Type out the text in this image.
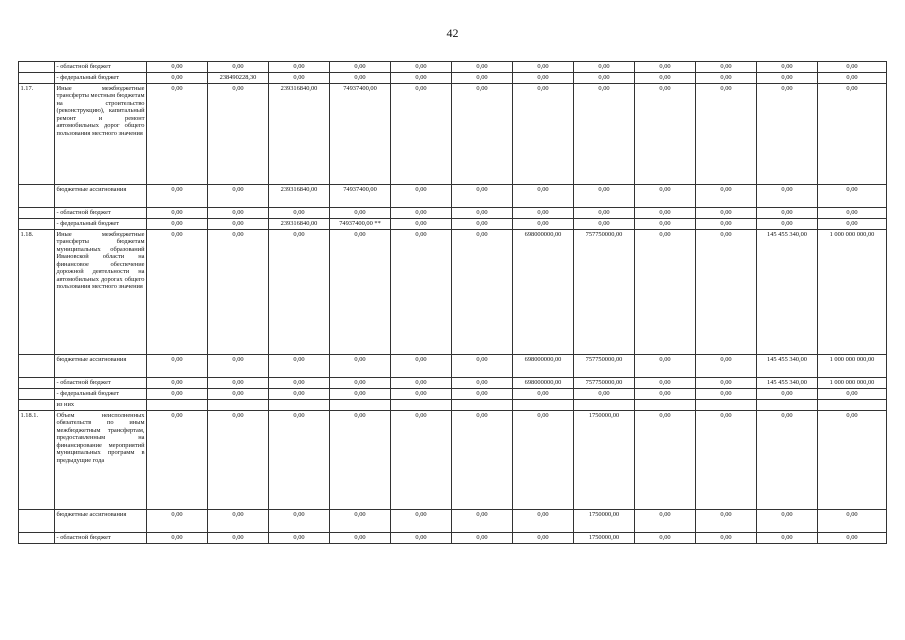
42
	- областной бюджет	0,00	0,00	0,00	0,00	0,00	0,00	0,00	0,00	0,00	0,00	0,00	0,00
	- федеральный бюджет	0,00	238490228,30	0,00	0,00	0,00	0,00	0,00	0,00	0,00	0,00	0,00	0,00
1.17.	Иные межбюджетные трансферты местным бюджетам на строительство (реконструкцию), капитальный ремонт и ремонт автомобильных дорог общего пользования местного значения	0,00	0,00	239316840,00	74937400,00	0,00	0,00	0,00	0,00	0,00	0,00	0,00	0,00
	бюджетные ассигнования	0,00	0,00	239316840,00	74937400,00	0,00	0,00	0,00	0,00	0,00	0,00	0,00	0,00
	- областной бюджет	0,00	0,00	0,00	0,00	0,00	0,00	0,00	0,00	0,00	0,00	0,00	0,00
	- федеральный бюджет	0,00	0,00	239316840,00	74937400,00 **	0,00	0,00	0,00	0,00	0,00	0,00	0,00	0,00
1.18.	Иные межбюджетные трансферты бюджетам муниципальных образований Ивановской области на финансовое обеспечение дорожной деятельности на автомобильных дорогах общего пользования местного значения	0,00	0,00	0,00	0,00	0,00	0,00	698000000,00	757750000,00	0,00	0,00	145 455 340,00	1 000 000 000,00
	бюджетные ассигнования	0,00	0,00	0,00	0,00	0,00	0,00	698000000,00	757750000,00	0,00	0,00	145 455 340,00	1 000 000 000,00
	- областной бюджет	0,00	0,00	0,00	0,00	0,00	0,00	698000000,00	757750000,00	0,00	0,00	145 455 340,00	1 000 000 000,00
	- федеральный бюджет	0,00	0,00	0,00	0,00	0,00	0,00	0,00	0,00	0,00	0,00	0,00	0,00
	из них												
1.18.1.	Объем неисполненных обязательств по иным межбюджетным трансфертам, предоставленным на финансирование мероприятий муниципальных программ в предыдущие года	0,00	0,00	0,00	0,00	0,00	0,00	0,00	1750000,00	0,00	0,00	0,00	0,00
	бюджетные ассигнования	0,00	0,00	0,00	0,00	0,00	0,00	0,00	1750000,00	0,00	0,00	0,00	0,00
	- областной бюджет	0,00	0,00	0,00	0,00	0,00	0,00	0,00	1750000,00	0,00	0,00	0,00	0,00
